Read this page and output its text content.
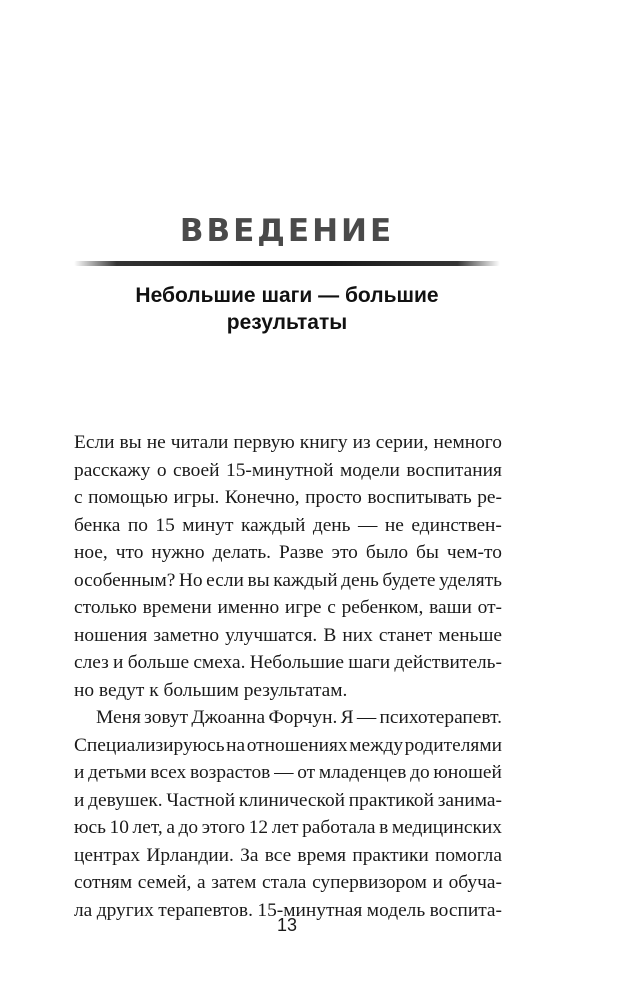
ВВЕДЕНИЕ
Небольшие шаги — большие
результаты

Если вы не читали первую книгу из серии, немного
расскажу о своей 15-минутной модели воспитания
с помощью игры. Конечно, просто воспитывать ре-
бенка по 15 минут каждый день — не единствен-
ное, что нужно делать. Разве это было бы чем-то
особенным? Но если вы каждый день будете уделять
столько времени именно игре с ребенком, ваши от-
ношения заметно улучшатся. В них станет меньше
слез и больше смеха. Небольшие шаги действитель-
но ведут к большим результатам.

Меня зовут Джоанна Форчун. Я — психотерапевт.
Специализируюсь на отношениях между родителями
и детьми всех возрастов — от младенцев до юношей
и девушек. Частной клинической практикой занима-
юсь 10 лет, а до этого 12 лет работала в медицинских
центрах Ирландии. За все время практики помогла
сотням семей, а затем стала супервизором и обуча-
ла других терапевтов. 15-минутная модель воспита-

13
